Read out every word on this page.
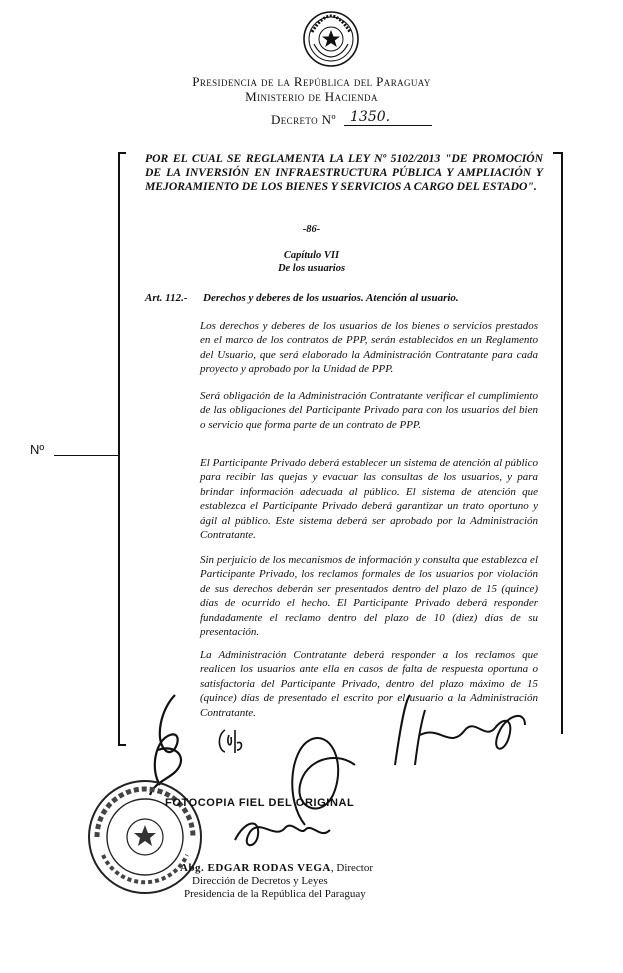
Presidencia de la República del Paraguay
Ministerio de Hacienda
Decreto Nº	1350.
POR EL CUAL SE REGLAMENTA LA LEY Nº 5102/2013 "DE PROMOCIÓN DE LA INVERSIÓN EN INFRAESTRUCTURA PÚBLICA Y AMPLIACIÓN Y MEJORAMIENTO DE LOS BIENES Y SERVICIOS A CARGO DEL ESTADO".
-86-
Capítulo VII
De los usuarios
Art. 112.- Derechos y deberes de los usuarios. Atención al usuario.
Los derechos y deberes de los usuarios de los bienes o servicios prestados en el marco de los contratos de PPP, serán establecidos en un Reglamento del Usuario, que será elaborado la Administración Contratante para cada proyecto y aprobado por la Unidad de PPP.
Será obligación de la Administración Contratante verificar el cumplimiento de las obligaciones del Participante Privado para con los usuarios del bien o servicio que forma parte de un contrato de PPP.
El Participante Privado deberá establecer un sistema de atención al público para recibir las quejas y evacuar las consultas de los usuarios, y para brindar información adecuada al público. El sistema de atención que establezca el Participante Privado deberá garantizar un trato oportuno y ágil al público. Este sistema deberá ser aprobado por la Administración Contratante.
Sin perjuicio de los mecanismos de información y consulta que establezca el Participante Privado, los reclamos formales de los usuarios por violación de sus derechos deberán ser presentados dentro del plazo de 15 (quince) días de ocurrido el hecho. El Participante Privado deberá responder fundadamente el reclamo dentro del plazo de 10 (diez) días de su presentación.
La Administración Contratante deberá responder a los reclamos que realicen los usuarios ante ella en casos de falta de respuesta oportuna o satisfactoria del Participante Privado, dentro del plazo máximo de 15 (quince) días de presentado el escrito por el usuario a la Administración Contratante.
Nº
FOTOCOPIA FIEL DEL ORIGINAL
Abg. EDGAR RODAS VEGA, Director
Dirección de Decretos y Leyes
Presidencia de la República del Paraguay
